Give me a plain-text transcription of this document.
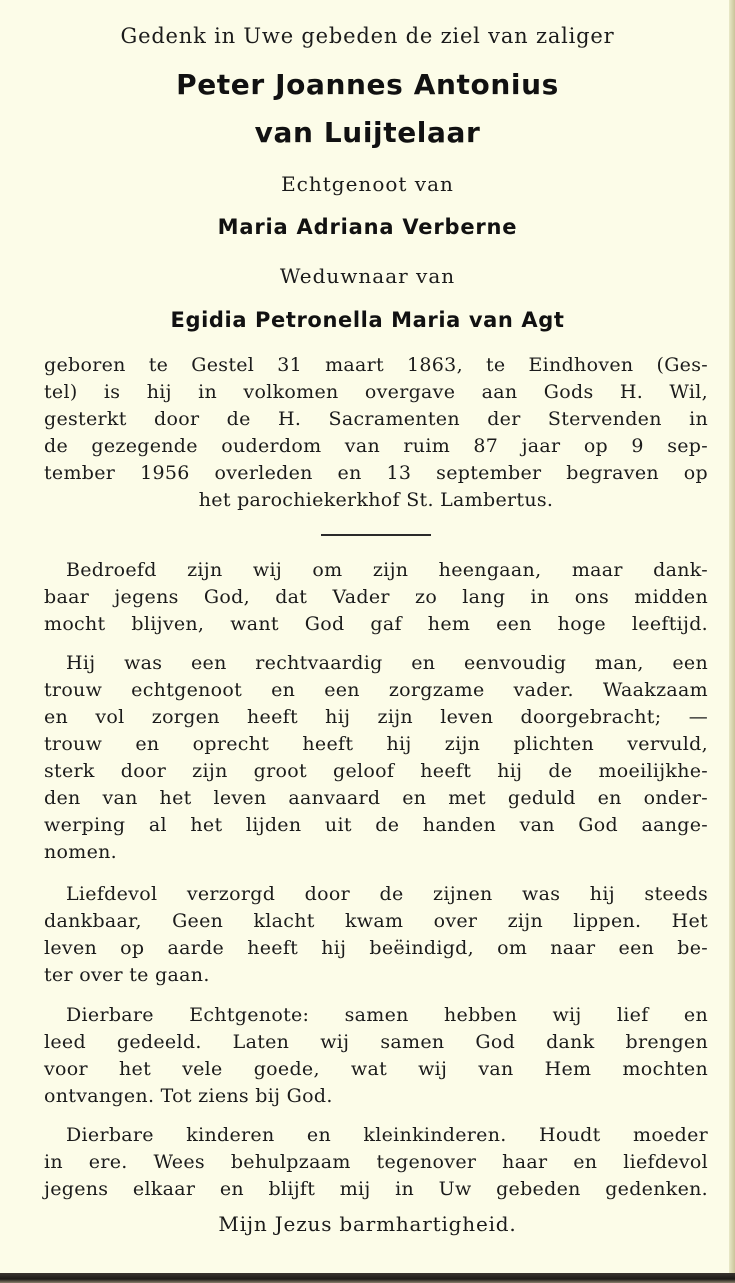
Gedenk in Uwe gebeden de ziel van zaliger
Peter Joannes Antonius
van Luijtelaar
Echtgenoot van
Maria Adriana Verberne
Weduwnaar van
Egidia Petronella Maria van Agt
geboren te Gestel 31 maart 1863, te Eindhoven (Ges-
tel) is hij in volkomen overgave aan Gods H. Wil,
gesterkt door de H. Sacramenten der Stervenden in
de gezegende ouderdom van ruim 87 jaar op 9 sep-
tember 1956 overleden en 13 september begraven op
het parochiekerkhof St. Lambertus.
Bedroefd zijn wij om zijn heengaan, maar dank-
baar jegens God, dat Vader zo lang in ons midden
mocht blijven, want God gaf hem een hoge leeftijd.
Hij was een rechtvaardig en eenvoudig man, een
trouw echtgenoot en een zorgzame vader. Waakzaam
en vol zorgen heeft hij zijn leven doorgebracht; —
trouw en oprecht heeft hij zijn plichten vervuld,
sterk door zijn groot geloof heeft hij de moeilijkhe-
den van het leven aanvaard en met geduld en onder-
werping al het lijden uit de handen van God aange-
nomen.
Liefdevol verzorgd door de zijnen was hij steeds
dankbaar, Geen klacht kwam over zijn lippen. Het
leven op aarde heeft hij beëindigd, om naar een be-
ter over te gaan.
Dierbare Echtgenote: samen hebben wij lief en
leed gedeeld. Laten wij samen God dank brengen
voor het vele goede, wat wij van Hem mochten
ontvangen. Tot ziens bij God.
Dierbare kinderen en kleinkinderen. Houdt moeder
in ere. Wees behulpzaam tegenover haar en liefdevol
jegens elkaar en blijft mij in Uw gebeden gedenken.
Mijn Jezus barmhartigheid.
